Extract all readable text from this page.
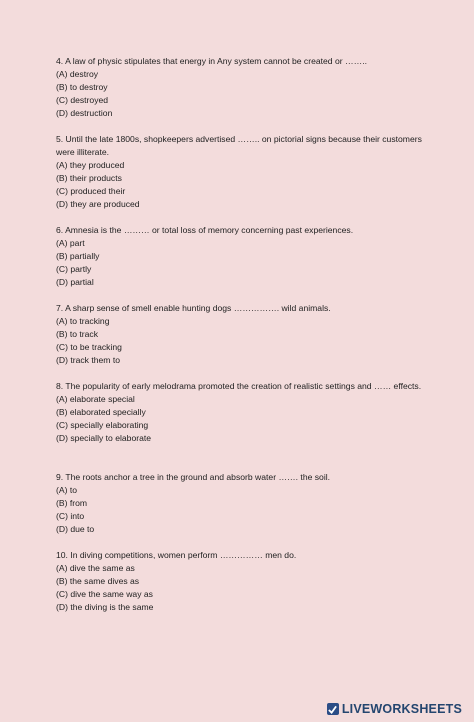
4. A law of physic stipulates that energy in Any system cannot be created or ……..

(A) destroy
(B) to destroy
(C) destroyed
(D) destruction

5. Until the late 1800s, shopkeepers advertised …….. on pictorial signs because their customers were illiterate.

(A) they produced
(B) their products
(C) produced their
(D) they are produced

6. Amnesia is the ……… or total loss of memory concerning past experiences.

(A) part
(B) partially
(C) partly
(D) partial

7. A sharp sense of smell enable hunting dogs ……………. wild animals.

(A) to tracking
(B) to track
(C) to be tracking
(D) track them to

8. The popularity of early melodrama promoted the creation of realistic settings and …… effects.

(A) elaborate special
(B) elaborated specially
(C) specially elaborating
(D) specially to elaborate

9. The roots anchor a tree in the ground and absorb water ……. the soil.

(A) to
(B) from
(C) into
(D) due to

10. In diving competitions, women perform …………… men do.

(A) dive the same as
(B) the same dives as
(C) dive the same way as
(D) the diving is the same
LIVEWORKSHEETS
